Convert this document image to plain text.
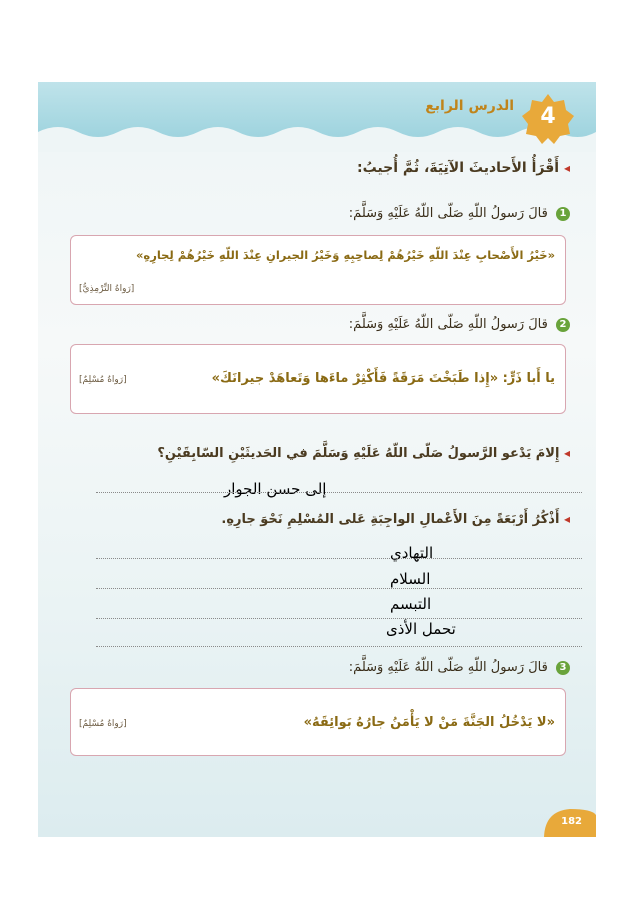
4
الدرس الرابع
◂ أَقْرَأُ الأَحاديثَ الآتِيَةَ، ثُمَّ أُجيبُ:
1 قالَ رَسولُ اللّهِ صَلّى اللّهُ عَلَيْهِ وَسَلَّمَ:
«خَيْرُ الأَصْحابِ عِنْدَ اللّهِ خَيْرُهُمْ لِصاحِبِهِ وَخَيْرُ الجيرانِ عِنْدَ اللّهِ خَيْرُهُمْ لِجارِهِ»
[رَواهُ التِّرْمِذِيُّ]
2 قالَ رَسولُ اللّهِ صَلّى اللّهُ عَلَيْهِ وَسَلَّمَ:
يا أَبا ذَرٍّ: «إِذا طَبَخْتَ مَرَقَةً فَأَكْثِرْ ماءَها وَتَعاهَدْ جيرانَكَ»
[رَواهُ مُسْلِمٌ]
◂ إِلامَ يَدْعو الرَّسولُ صَلّى اللّهُ عَلَيْهِ وَسَلَّمَ في الحَديثَيْنِ السّابِقَيْنِ؟
إلى حسن الجوار
◂ أَذْكُرُ أَرْبَعَةً مِنَ الأَعْمالِ الواجِبَةِ عَلى المُسْلِمِ نَحْوَ جارِهِ.
التهادي
السلام
التبسم
تحمل الأذى
3 قالَ رَسولُ اللّهِ صَلّى اللّهُ عَلَيْهِ وَسَلَّمَ:
«لا يَدْخُلُ الجَنَّةَ مَنْ لا يَأْمَنُ جارُهُ بَوائِقَهُ»
[رَواهُ مُسْلِمٌ]
182
